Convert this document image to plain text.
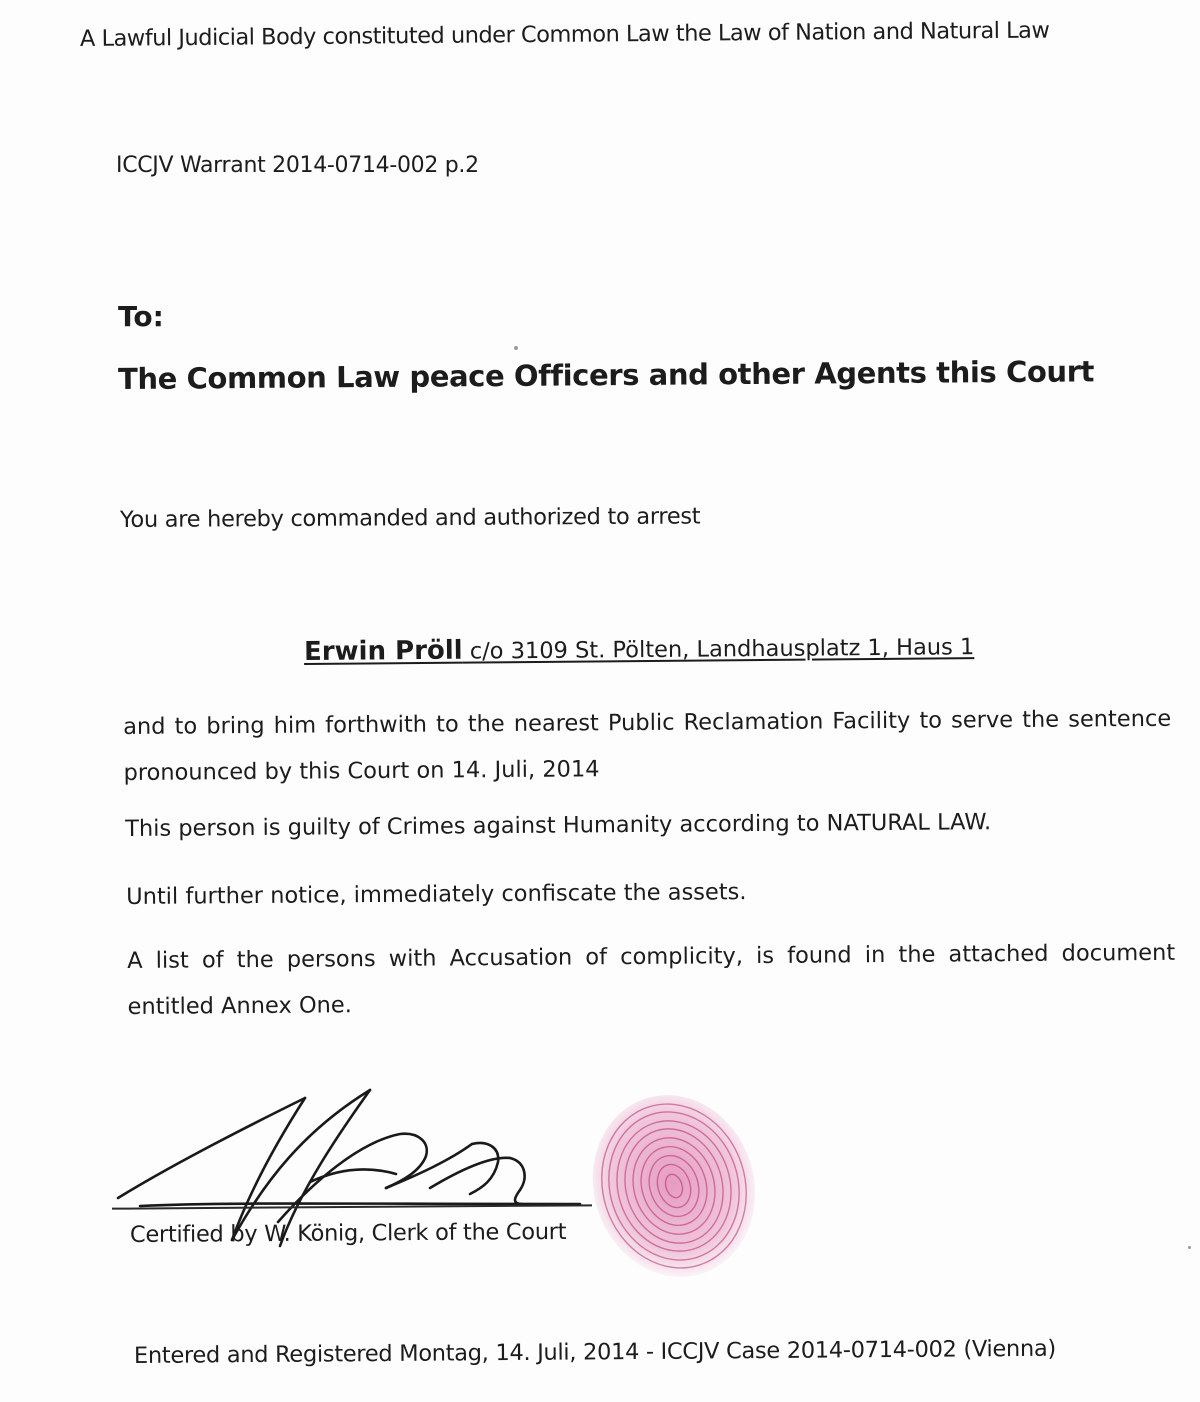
A Lawful Judicial Body constituted under Common Law the Law of Nation and Natural Law
ICCJV Warrant 2014-0714-002 p.2
To:
The Common Law peace Officers and other Agents this Court
You are hereby commanded and authorized to arrest
Erwin Pröll c/o 3109 St. Pölten, Landhausplatz 1, Haus 1
and to bring him forthwith to the nearest Public Reclamation Facility to serve the sentence pronounced by this Court on 14. Juli, 2014
This person is guilty of Crimes against Humanity according to NATURAL LAW.
Until further notice, immediately confiscate the assets.
A list of the persons with Accusation of complicity, is found in the attached document entitled Annex One.
Certified by W. König, Clerk of the Court
Entered and Registered Montag, 14. Juli, 2014 - ICCJV Case 2014-0714-002 (Vienna)
